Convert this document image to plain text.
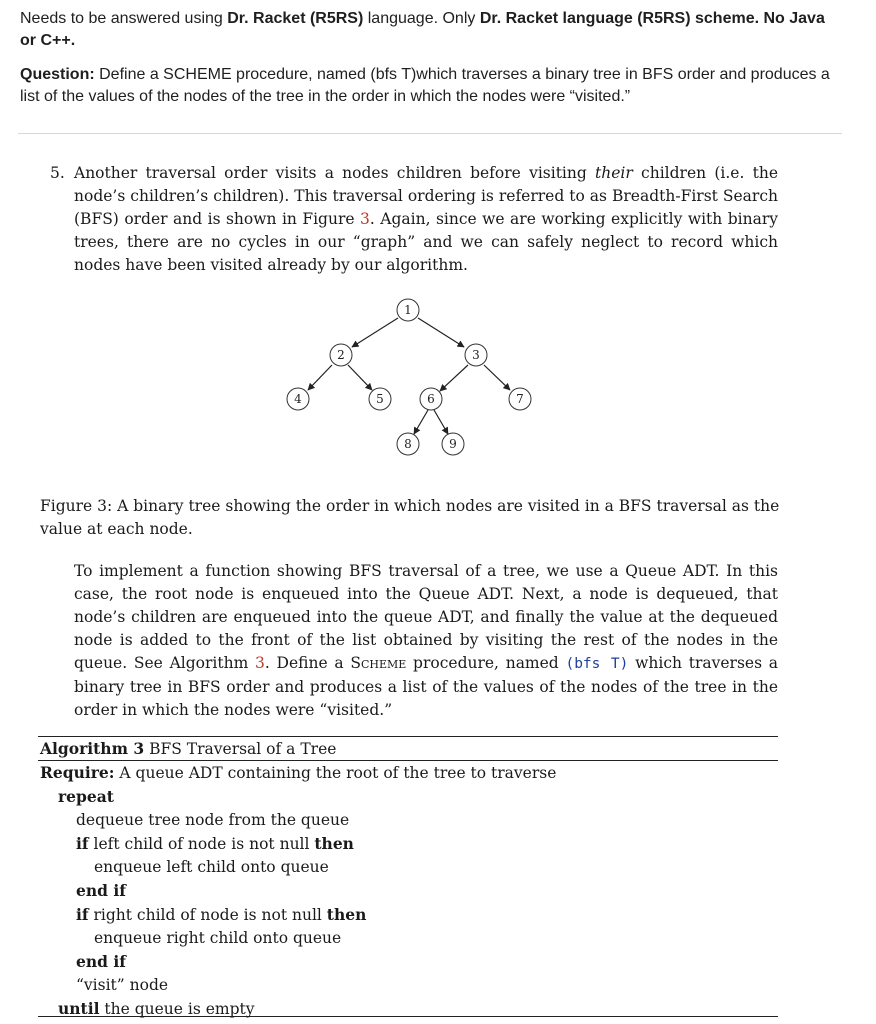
Needs to be answered using Dr. Racket (R5RS) language. Only Dr. Racket language (R5RS) scheme. No Java or C++.

Question: Define a SCHEME procedure, named (bfs T)which traverses a binary tree in BFS order and produces a list of the values of the nodes of the tree in the order in which the nodes were “visited.”

5. Another traversal order visits a nodes children before visiting their children (i.e. the node’s children’s children). This traversal ordering is referred to as Breadth-First Search (BFS) order and is shown in Figure 3. Again, since we are working explicitly with binary trees, there are no cycles in our “graph” and we can safely neglect to record which nodes have been visited already by our algorithm.
1
2	3
4	5	6	7
8	9
Figure 3: A binary tree showing the order in which nodes are visited in a BFS traversal as the value at each node.
To implement a function showing BFS traversal of a tree, we use a Queue ADT. In this case, the root node is enqueued into the Queue ADT. Next, a node is dequeued, that node’s children are enqueued into the queue ADT, and finally the value at the dequeued node is added to the front of the list obtained by visiting the rest of the nodes in the queue. See Algorithm 3. Define a Scheme procedure, named (bfs T) which traverses a binary tree in BFS order and produces a list of the values of the nodes of the tree in the order in which the nodes were “visited.”
Algorithm 3 BFS Traversal of a Tree
Require: A queue ADT containing the root of the tree to traverse
repeat
dequeue tree node from the queue
if left child of node is not null then
enqueue left child onto queue
end if
if right child of node is not null then
enqueue right child onto queue
end if
“visit” node
until the queue is empty
